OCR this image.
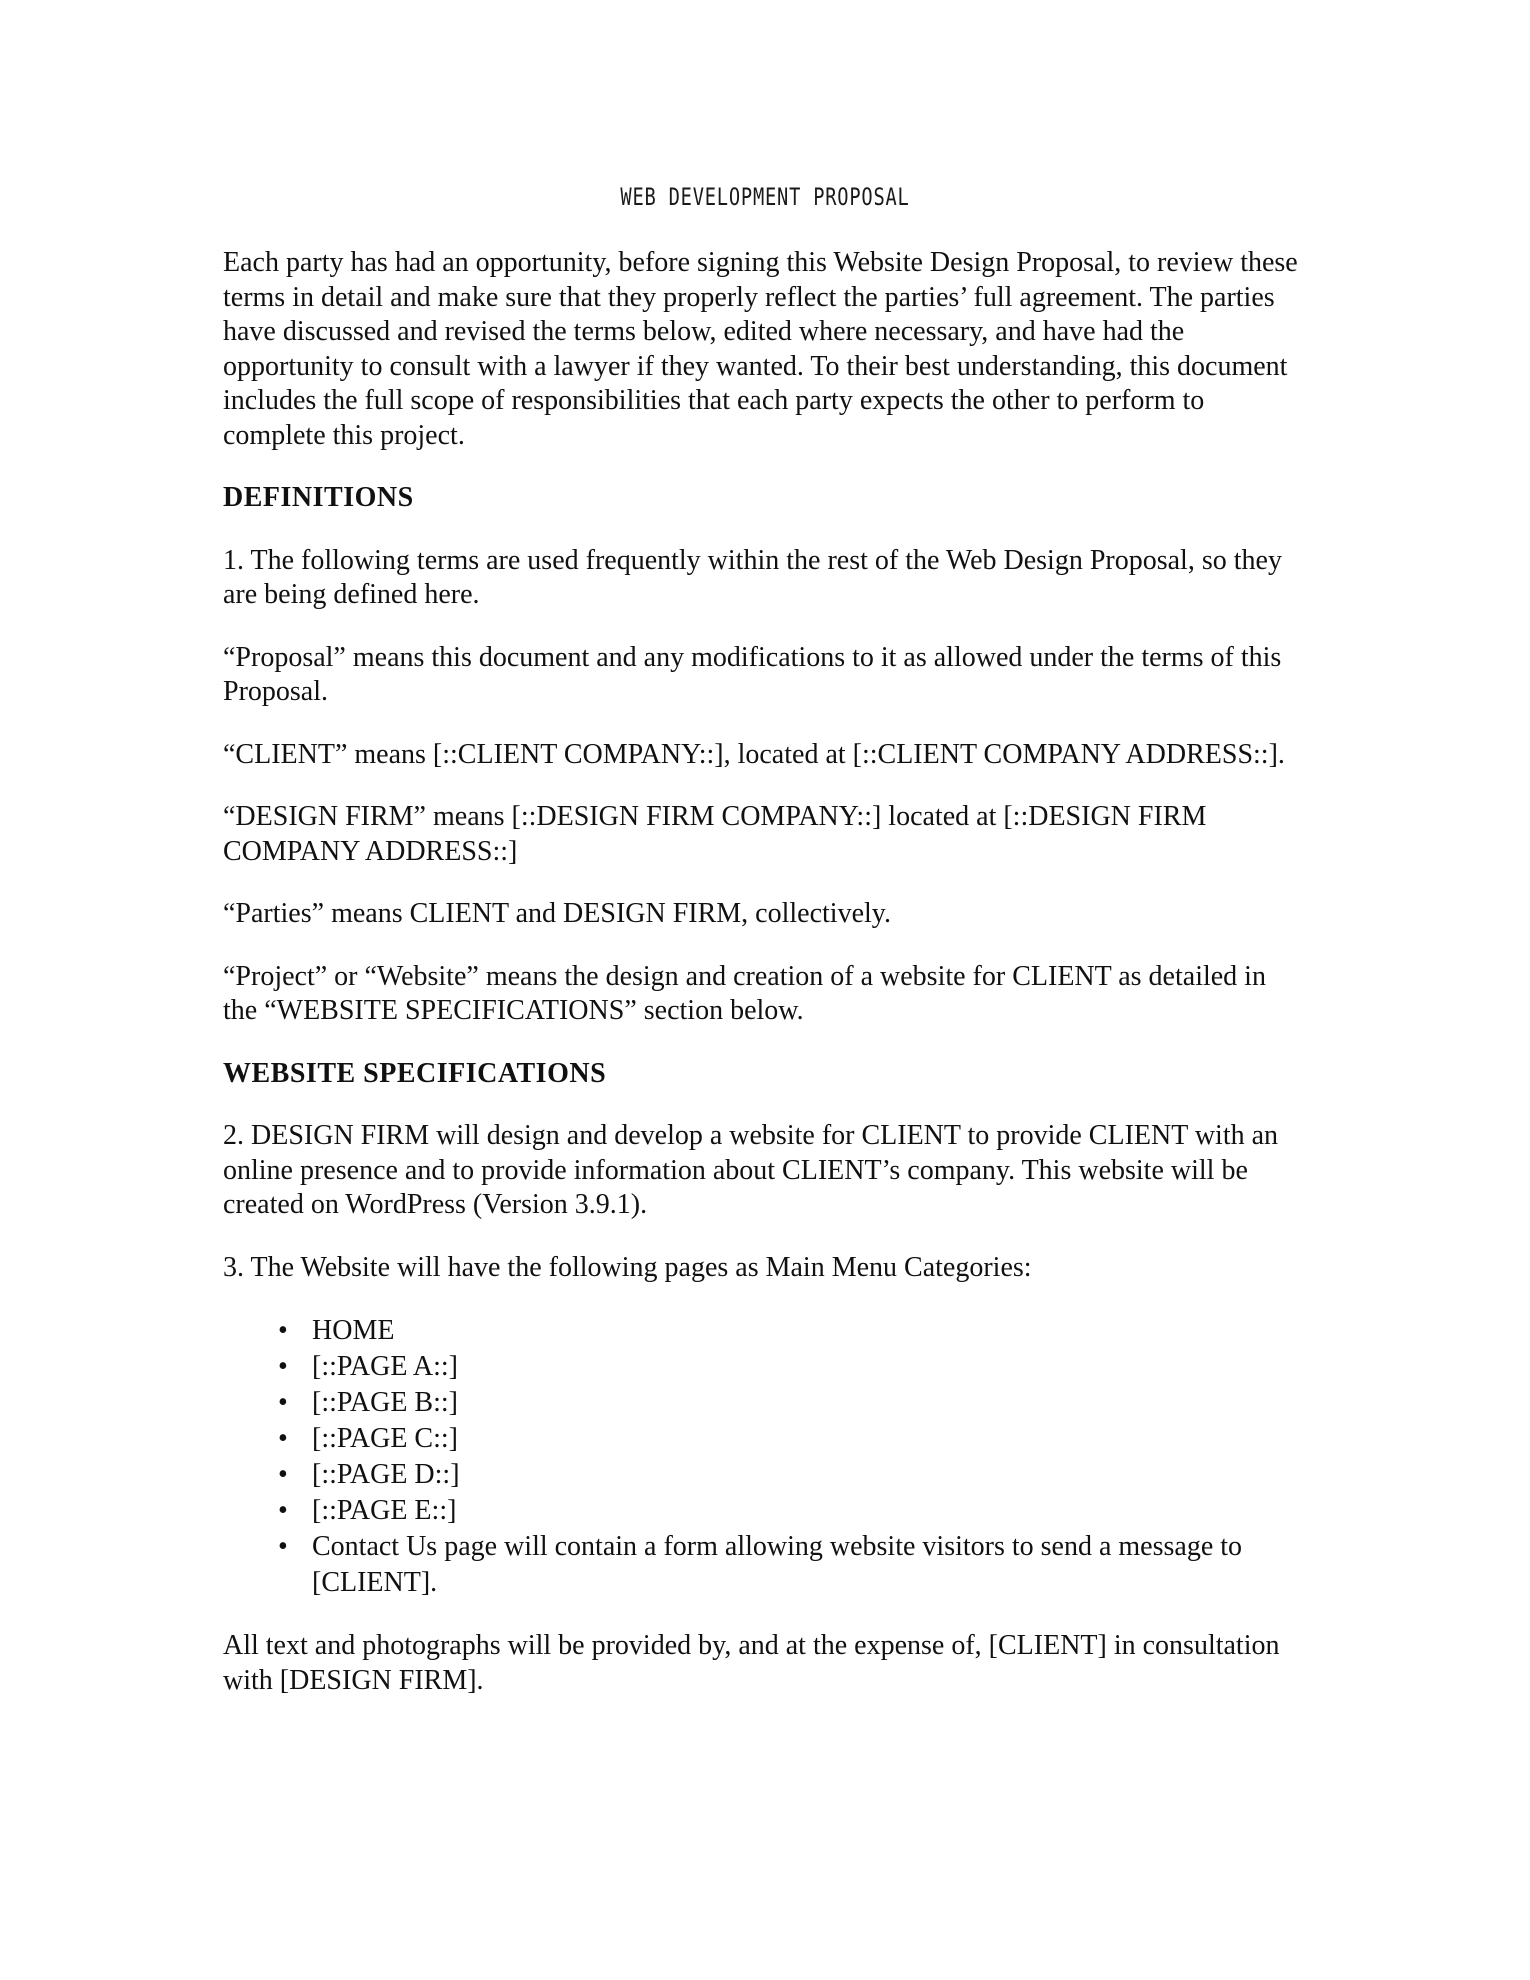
WEB DEVELOPMENT PROPOSAL

Each party has had an opportunity, before signing this Website Design Proposal, to review these terms in detail and make sure that they properly reflect the parties’ full agreement. The parties have discussed and revised the terms below, edited where necessary, and have had the opportunity to consult with a lawyer if they wanted. To their best understanding, this document includes the full scope of responsibilities that each party expects the other to perform to complete this project.

DEFINITIONS

1. The following terms are used frequently within the rest of the Web Design Proposal, so they are being defined here.

“Proposal” means this document and any modifications to it as allowed under the terms of this Proposal.

“CLIENT” means [::CLIENT COMPANY::], located at [::CLIENT COMPANY ADDRESS::].

“DESIGN FIRM” means [::DESIGN FIRM COMPANY::] located at [::DESIGN FIRM COMPANY ADDRESS::]

“Parties” means CLIENT and DESIGN FIRM, collectively.

“Project” or “Website” means the design and creation of a website for CLIENT as detailed in the “WEBSITE SPECIFICATIONS” section below.

WEBSITE SPECIFICATIONS

2. DESIGN FIRM will design and develop a website for CLIENT to provide CLIENT with an online presence and to provide information about CLIENT’s company. This website will be created on WordPress (Version 3.9.1).

3. The Website will have the following pages as Main Menu Categories:

• HOME
• [::PAGE A::]
• [::PAGE B::]
• [::PAGE C::]
• [::PAGE D::]
• [::PAGE E::]
• Contact Us page will contain a form allowing website visitors to send a message to [CLIENT].

All text and photographs will be provided by, and at the expense of, [CLIENT] in consultation with [DESIGN FIRM].
